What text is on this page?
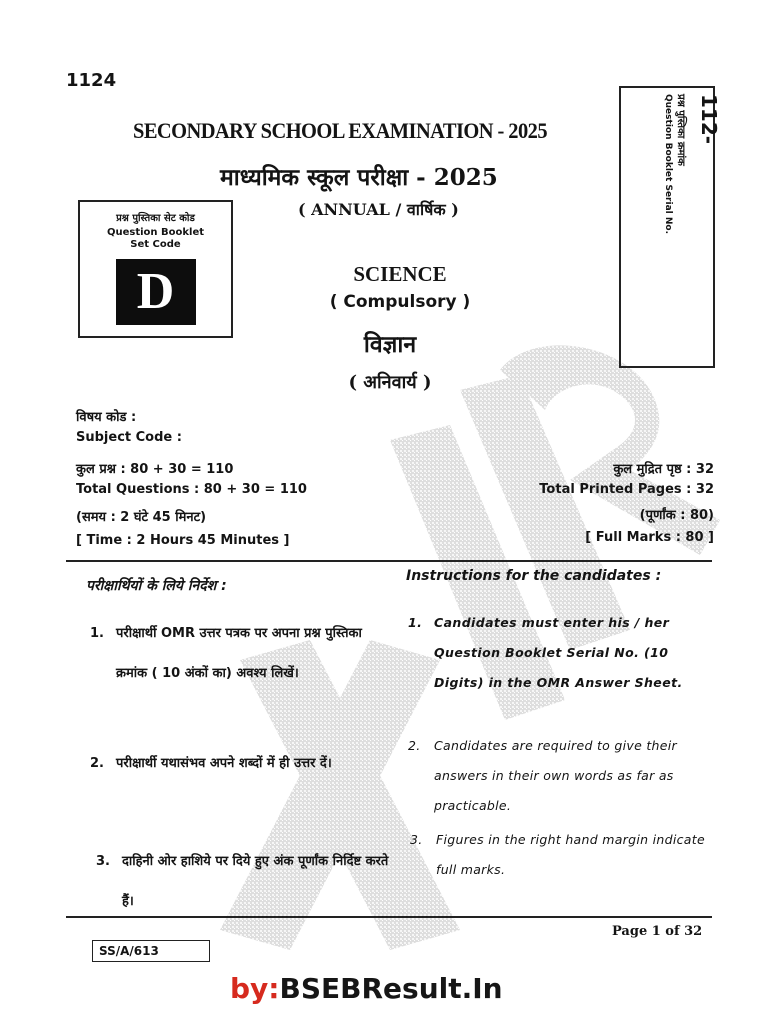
1124
SECONDARY SCHOOL EXAMINATION - 2025
माध्यमिक स्कूल परीक्षा - 2025
( ANNUAL / वार्षिक )
प्रश्न पुस्तिका सेट कोड
Question Booklet
Set Code
D
112-
प्रश्न पुस्तिका क्रमांक
Question Booklet Serial No.
SCIENCE
( Compulsory )
विज्ञान
( अनिवार्य )
विषय कोड :
Subject Code :
कुल प्रश्न : 80 + 30 = 110
Total Questions : 80 + 30 = 110
(समय : 2 घंटे 45 मिनट)
[ Time : 2 Hours 45 Minutes ]
कुल मुद्रित पृष्ठ : 32
Total Printed Pages : 32
(पूर्णांक : 80)
[ Full Marks : 80 ]
परीक्षार्थियों के लिये निर्देश :
Instructions for the candidates :
1. परीक्षार्थी OMR उत्तर पत्रक पर अपना प्रश्न पुस्तिका क्रमांक ( 10 अंकों का) अवश्य लिखें।
2. परीक्षार्थी यथासंभव अपने शब्दों में ही उत्तर दें।
3. दाहिनी ओर हाशिये पर दिये हुए अंक पूर्णांक निर्दिष्ट करते हैं।
1. Candidates must enter his / her Question Booklet Serial No. (10 Digits) in the OMR Answer Sheet.
2. Candidates are required to give their answers in their own words as far as practicable.
3. Figures in the right hand margin indicate full marks.
Page 1 of 32
SS/A/613
by:BSEBResult.In
